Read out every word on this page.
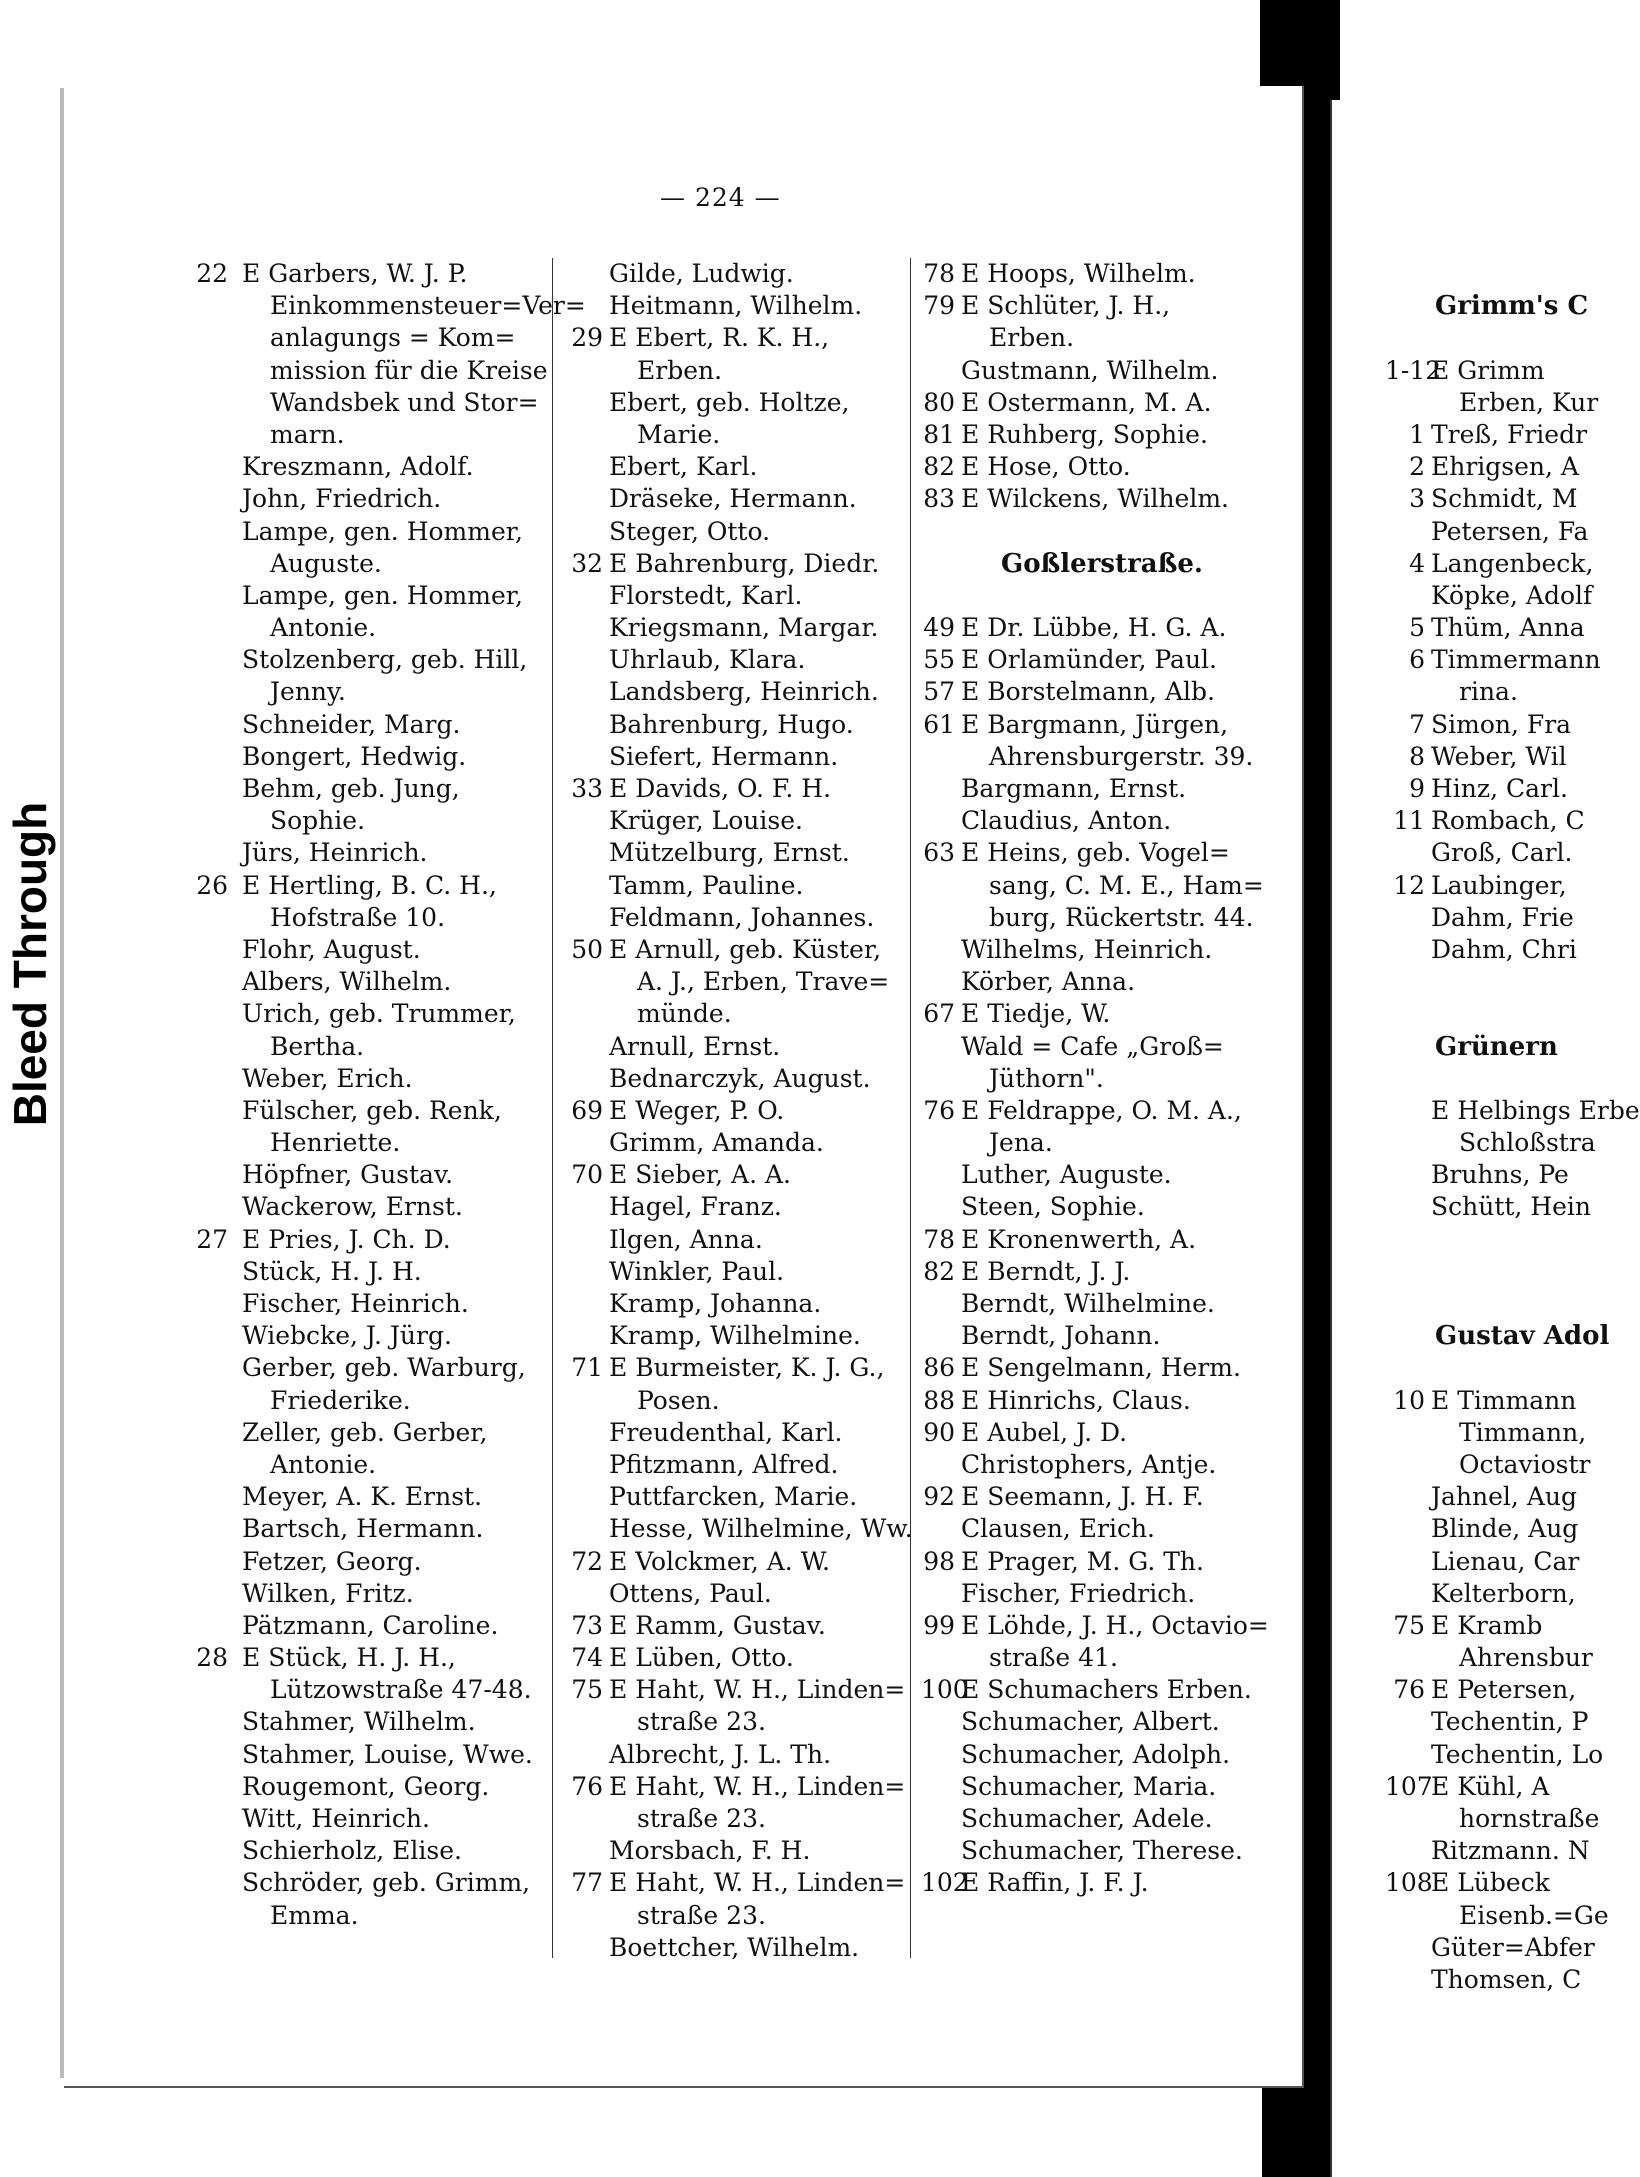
Bleed Through
— 224 —
22 E Garbers, W. J. P.
Einkommensteuer=Ver=
anlagungs = Kom=
mission für die Kreise
Wandsbek und Stor=
marn.
Kreszmann, Adolf.
John, Friedrich.
Lampe, gen. Hommer,
Auguste.
Lampe, gen. Hommer,
Antonie.
Stolzenberg, geb. Hill,
Jenny.
Schneider, Marg.
Bongert, Hedwig.
Behm, geb. Jung,
Sophie.
Jürs, Heinrich.
26 E Hertling, B. C. H.,
Hofstraße 10.
Flohr, August.
Albers, Wilhelm.
Urich, geb. Trummer,
Bertha.
Weber, Erich.
Fülscher, geb. Renk,
Henriette.
Höpfner, Gustav.
Wackerow, Ernst.
27 E Pries, J. Ch. D.
Stück, H. J. H.
Fischer, Heinrich.
Wiebcke, J. Jürg.
Gerber, geb. Warburg,
Friederike.
Zeller, geb. Gerber,
Antonie.
Meyer, A. K. Ernst.
Bartsch, Hermann.
Fetzer, Georg.
Wilken, Fritz.
Pätzmann, Caroline.
28 E Stück, H. J. H.,
Lützowstraße 47-48.
Stahmer, Wilhelm.
Stahmer, Louise, Wwe.
Rougemont, Georg.
Witt, Heinrich.
Schierholz, Elise.
Schröder, geb. Grimm,
Emma.
Gilde, Ludwig.
Heitmann, Wilhelm.
29 E Ebert, R. K. H.,
Erben.
Ebert, geb. Holtze,
Marie.
Ebert, Karl.
Dräseke, Hermann.
Steger, Otto.
32 E Bahrenburg, Diedr.
Florstedt, Karl.
Kriegsmann, Margar.
Uhrlaub, Klara.
Landsberg, Heinrich.
Bahrenburg, Hugo.
Siefert, Hermann.
33 E Davids, O. F. H.
Krüger, Louise.
Mützelburg, Ernst.
Tamm, Pauline.
Feldmann, Johannes.
50 E Arnull, geb. Küster,
A. J., Erben, Trave=
münde.
Arnull, Ernst.
Bednarczyk, August.
69 E Weger, P. O.
Grimm, Amanda.
70 E Sieber, A. A.
Hagel, Franz.
Ilgen, Anna.
Winkler, Paul.
Kramp, Johanna.
Kramp, Wilhelmine.
71 E Burmeister, K. J. G.,
Posen.
Freudenthal, Karl.
Pfitzmann, Alfred.
Puttfarcken, Marie.
Hesse, Wilhelmine, Ww.
72 E Volckmer, A. W.
Ottens, Paul.
73 E Ramm, Gustav.
74 E Lüben, Otto.
75 E Haht, W. H., Linden=
straße 23.
Albrecht, J. L. Th.
76 E Haht, W. H., Linden=
straße 23.
Morsbach, F. H.
77 E Haht, W. H., Linden=
straße 23.
Boettcher, Wilhelm.
78 E Hoops, Wilhelm.
79 E Schlüter, J. H.,
Erben.
Gustmann, Wilhelm.
80 E Ostermann, M. A.
81 E Ruhberg, Sophie.
82 E Hose, Otto.
83 E Wilckens, Wilhelm.
Goßlerstraße.
49 E Dr. Lübbe, H. G. A.
55 E Orlamünder, Paul.
57 E Borstelmann, Alb.
61 E Bargmann, Jürgen,
Ahrensburgerstr. 39.
Bargmann, Ernst.
Claudius, Anton.
63 E Heins, geb. Vogel=
sang, C. M. E., Ham=
burg, Rückertstr. 44.
Wilhelms, Heinrich.
Körber, Anna.
67 E Tiedje, W.
Wald = Cafe „Groß=
Jüthorn".
76 E Feldrappe, O. M. A.,
Jena.
Luther, Auguste.
Steen, Sophie.
78 E Kronenwerth, A.
82 E Berndt, J. J.
Berndt, Wilhelmine.
Berndt, Johann.
86 E Sengelmann, Herm.
88 E Hinrichs, Claus.
90 E Aubel, J. D.
Christophers, Antje.
92 E Seemann, J. H. F.
Clausen, Erich.
98 E Prager, M. G. Th.
Fischer, Friedrich.
99 E Löhde, J. H., Octavio=
straße 41.
100
E Schumachers Erben.
Schumacher, Albert.
Schumacher, Adolph.
Schumacher, Maria.
Schumacher, Adele.
Schumacher, Therese.
102
E Raffin, J. F. J.
Grimm's C
1-12
E Grimm
Erben, Kur
1 Treß, Friedr
2 Ehrigsen, A
3 Schmidt, M
Petersen, Fa
4 Langenbeck,
Köpke, Adolf
5 Thüm, Anna
6 Timmermann
rina.
7 Simon, Fra
8 Weber, Wil
9 Hinz, Carl.
11 Rombach, C
Groß, Carl.
12 Laubinger,
Dahm, Frie
Dahm, Chri
Grünern
E Helbings Erbe
Schloßstra
Bruhns, Pe
Schütt, Hein
Gustav Adol
10 E Timmann
Timmann,
Octaviostr
Jahnel, Aug
Blinde, Aug
Lienau, Car
Kelterborn,
75 E Kramb
Ahrensbur
76 E Petersen,
Techentin, P
Techentin, Lo
107
E Kühl, A
hornstraße
Ritzmann. N
108
E Lübeck
Eisenb.=Ge
Güter=Abfer
Thomsen, C
